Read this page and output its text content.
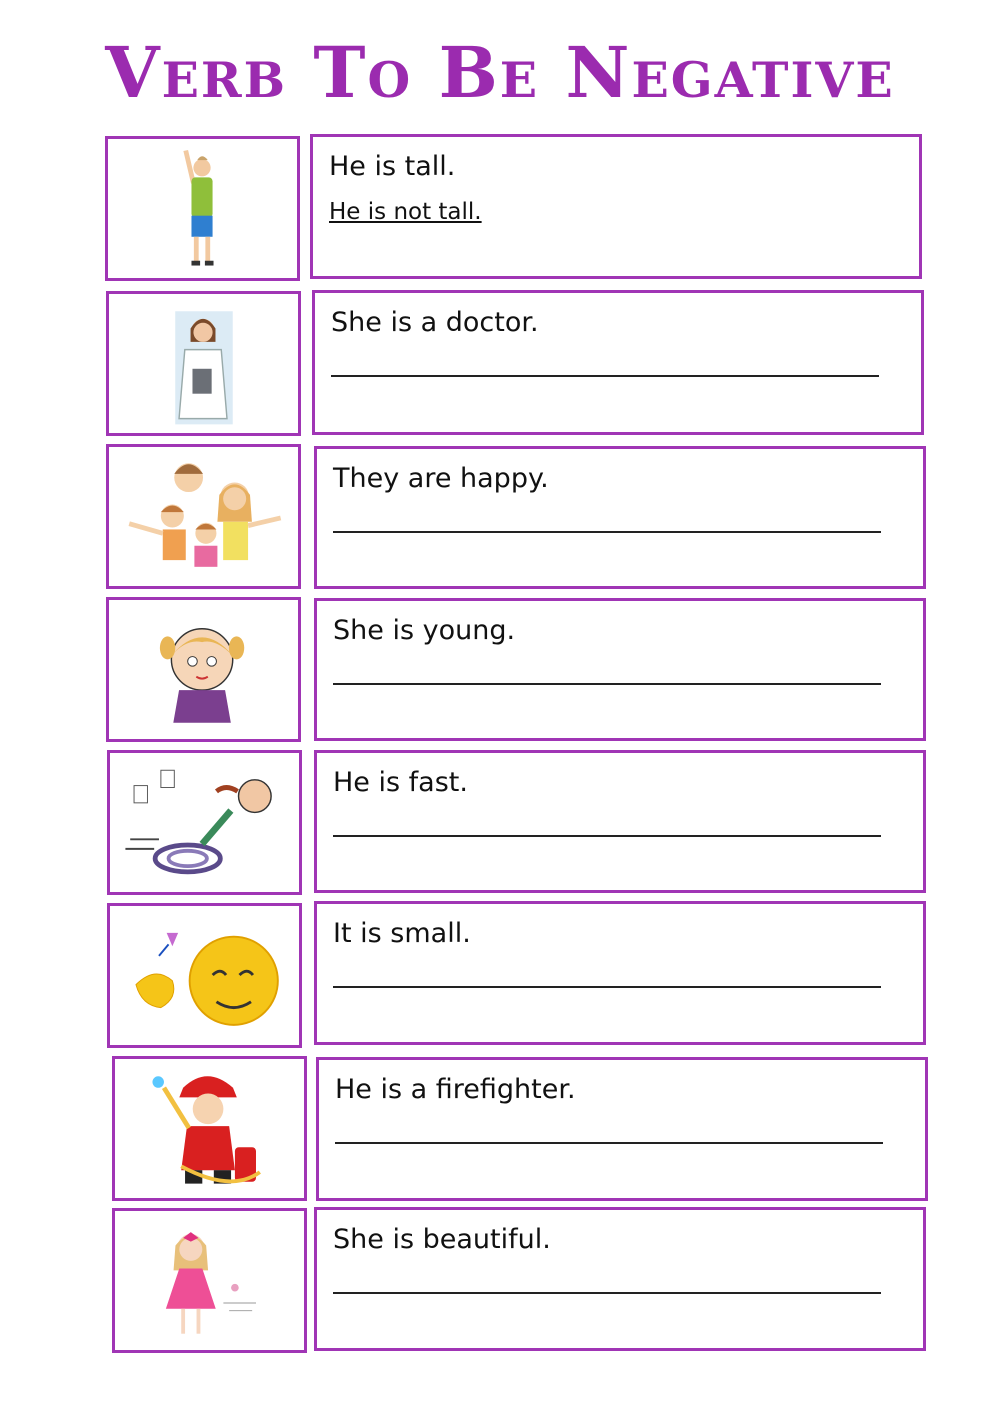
Verb To Be Negative
He is tall.
He is not tall.
She is a doctor.
They are happy.
She is young.
He is fast.
It is small.
He is a firefighter.
She is beautiful.
